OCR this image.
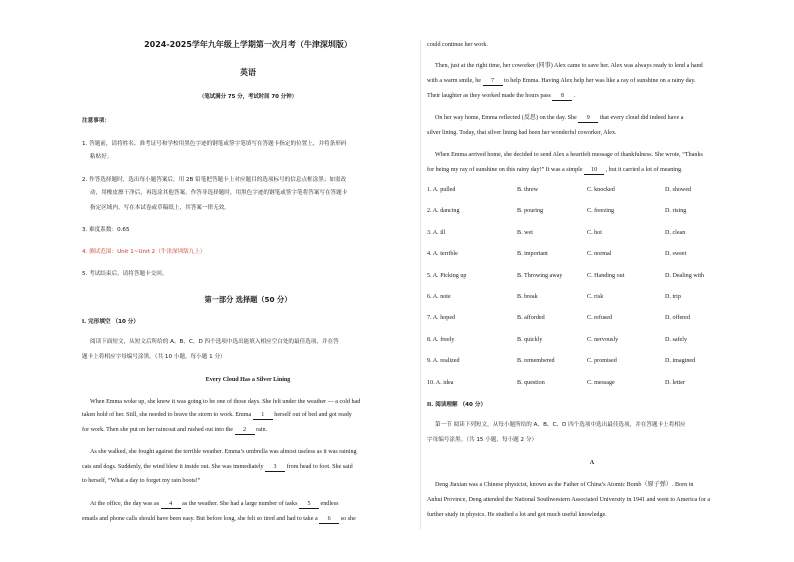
2024-2025学年九年级上学期第一次月考（牛津深圳版）
英语
（笔试满分 75 分，考试时间 70 分钟）
注意事项：
1. 答题前，请将姓名、准考证号和学校用黑色字迹的钢笔或签字笔填写在答题卡指定的位置上，并将条形码
粘贴好。
2. 作答选择题时，选出每小题答案后，用 2B 铅笔把答题卡上对应题目的选项标号的信息点框涂黑；如需改
动，用橡皮擦干净后，再选涂其他答案。作答非选择题时，用黑色字迹的钢笔或签字笔将答案写在答题卡
指定区域内。写在本试卷或草稿纸上，其答案一律无效。
3. 难度系数：0.65
4. 测试范围：Unit 1~Unit 2（牛津深圳版九上）
5. 考试结束后，请将答题卡交回。
第一部分 选择题（50 分）
I. 完形填空 （10 分）
阅读下面短文，从短文后所给的 A、B、C、D 四个选项中选出能填入相应空白处的最佳选项，并在答
题卡上将相应字母编号涂黑。（共 10 小题，每小题 1 分）
Every Cloud Has a Silver Lining
When Emma woke up, she knew it was going to be one of those days. She felt under the weather — a cold had
taken hold of her. Still, she needed to brave the storm to work. Emma 1 herself out of bed and got ready
for work. Then she put on her raincoat and rushed out into the 2 rain.
As she walked, she fought against the terrible weather. Emma’s umbrella was almost useless as it was raining
cats and dogs. Suddenly, the wind blew it inside out. She was immediately 3 from head to foot. She said
to herself, “What a day to forget my rain boots!”
At the office, the day was as 4 as the weather. She had a large number of tasks 5 endless
emails and phone calls should have been easy. But before long, she felt so tired and had to take a 6 so she
could continue her work.
Then, just at the right time, her coworker (同事) Alex came to save her. Alex was always ready to lend a hand
with a warm smile, he 7 to help Emma. Having Alex help her was like a ray of sunshine on a rainy day.
Their laughter as they worked made the hours pass 8 .
On her way home, Emma reflected (反思) on the day. She 9 that every cloud did indeed have a
silver lining. Today, that silver lining had been her wonderful coworker, Alex.
When Emma arrived home, she decided to send Alex a heartfelt message of thankfulness. She wrote, “Thanks
for being my ray of sunshine on this rainy day!” It was a simple 10 , but it carried a lot of meaning.
1. A. pulled	B. threw	C. knocked	D. showed
2. A. dancing	B. pouring	C. freezing	D. rising
3. A. ill	B. wet	C. hot	D. clean
4. A. terrible	B. important	C. normal	D. sweet
5. A. Picking up	B. Throwing away	C. Handing out	D. Dealing with
6. A. note	B. break	C. risk	D. trip
7. A. hoped	B. afforded	C. refused	D. offered
8. A. freely	B. quickly	C. nervously	D. safely
9. A. realized	B. remembered	C. promised	D. imagined
10. A. idea	B. question	C. message	D. letter
II. 阅读理解 （40 分）
第一节 阅读下列短文，从每小题所给的 A、B、C、D 四个选项中选出最佳选项，并在答题卡上将相应
字母编号涂黑。（共 15 小题，每小题 2 分）
A
Deng Jiaxian was a Chinese physicist, known as the Father of China’s Atomic Bomb（原子弹）. Born in
Anhui Province, Deng attended the National Southwestern Associated University in 1941 and went to America for a
further study in physics. He studied a lot and got much useful knowledge.
